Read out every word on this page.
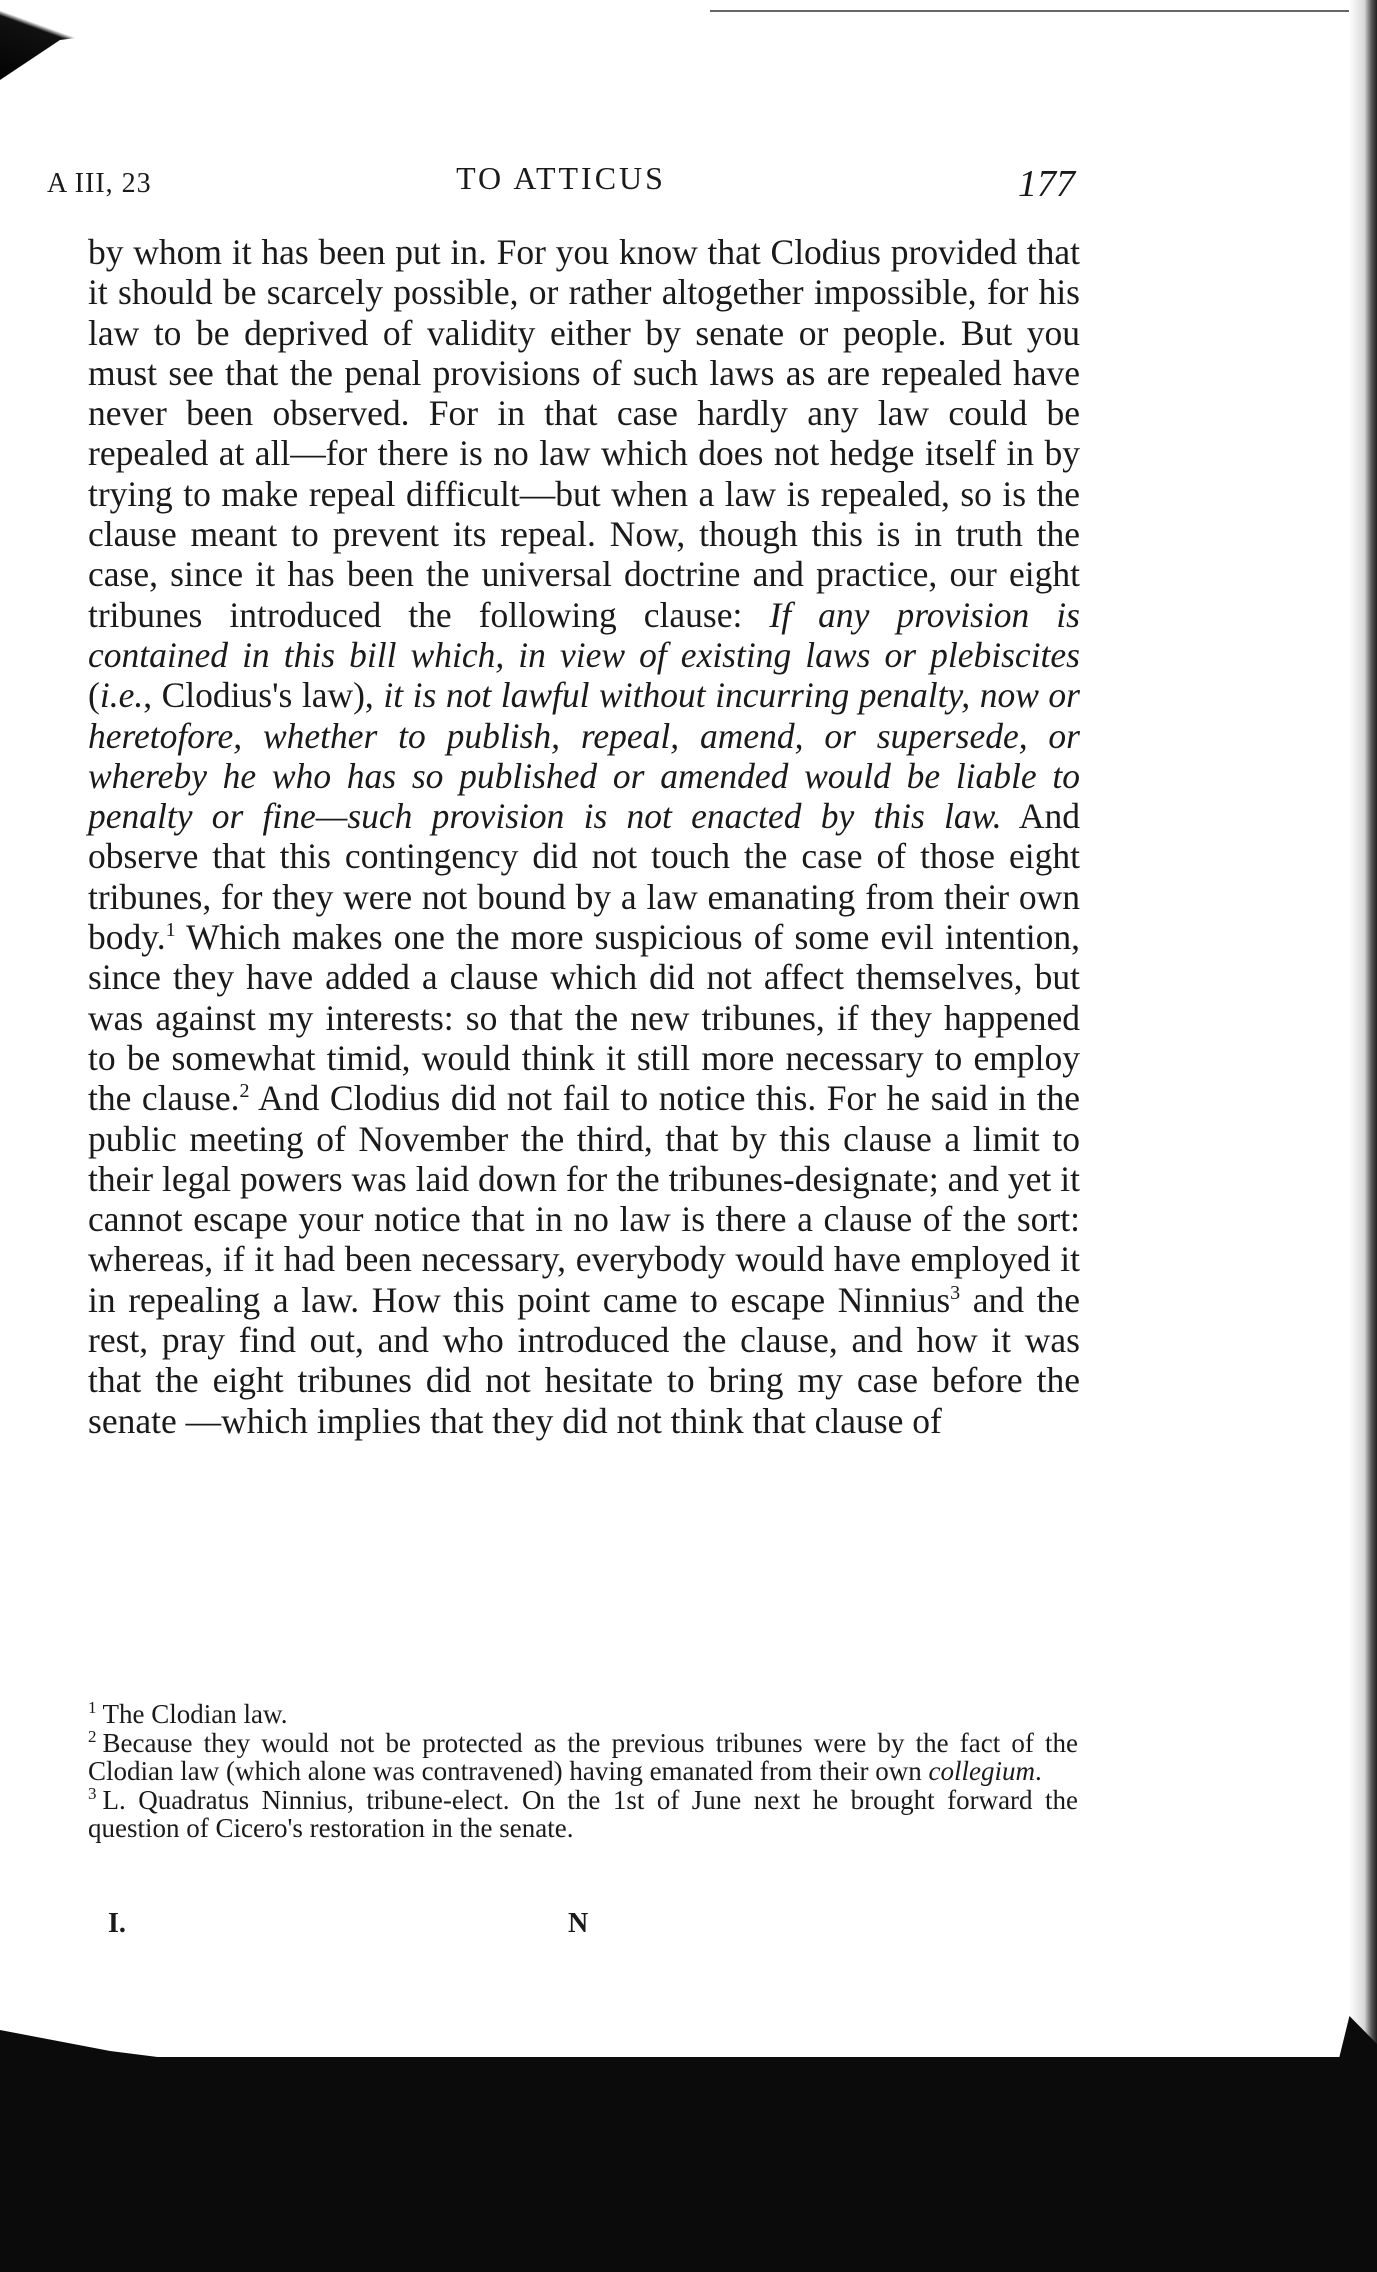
A III, 23	TO ATTICUS	177

by whom it has been put in. For you know that Clodius provided that it should be scarcely possible, or rather altogether impossible, for his law to be deprived of validity either by senate or people. But you must see that the penal provisions of such laws as are repealed have never been observed. For in that case hardly any law could be repealed at all—for there is no law which does not hedge itself in by trying to make repeal difficult—but when a law is repealed, so is the clause meant to prevent its repeal. Now, though this is in truth the case, since it has been the universal doctrine and practice, our eight tribunes introduced the following clause: If any provision is contained in this bill which, in view of existing laws or plebiscites (i.e., Clodius's law), it is not lawful without incurring penalty, now or heretofore, whether to publish, repeal, amend, or supersede, or whereby he who has so published or amended would be liable to penalty or fine—such provision is not enacted by this law. And observe that this contingency did not touch the case of those eight tribunes, for they were not bound by a law emanating from their own body.$^1$ Which makes one the more suspicious of some evil intention, since they have added a clause which did not affect themselves, but was against my interests: so that the new tribunes, if they happened to be somewhat timid, would think it still more necessary to employ the clause.$^2$ And Clodius did not fail to notice this. For he said in the public meeting of November the third, that by this clause a limit to their legal powers was laid down for the tribunes-designate; and yet it cannot escape your notice that in no law is there a clause of the sort: whereas, if it had been necessary, everybody would have employed it in repealing a law. How this point came to escape Ninnius$^3$ and the rest, pray find out, and who introduced the clause, and how it was that the eight tribunes did not hesitate to bring my case before the senate —which implies that they did not think that clause of

$^1$ The Clodian law.

$^2$ Because they would not be protected as the previous tribunes were by the fact of the Clodian law (which alone was contravened) having emanated from their own collegium.

$^3$ L. Quadratus Ninnius, tribune-elect. On the 1st of June next he brought forward the question of Cicero's restoration in the senate.

I.	N
